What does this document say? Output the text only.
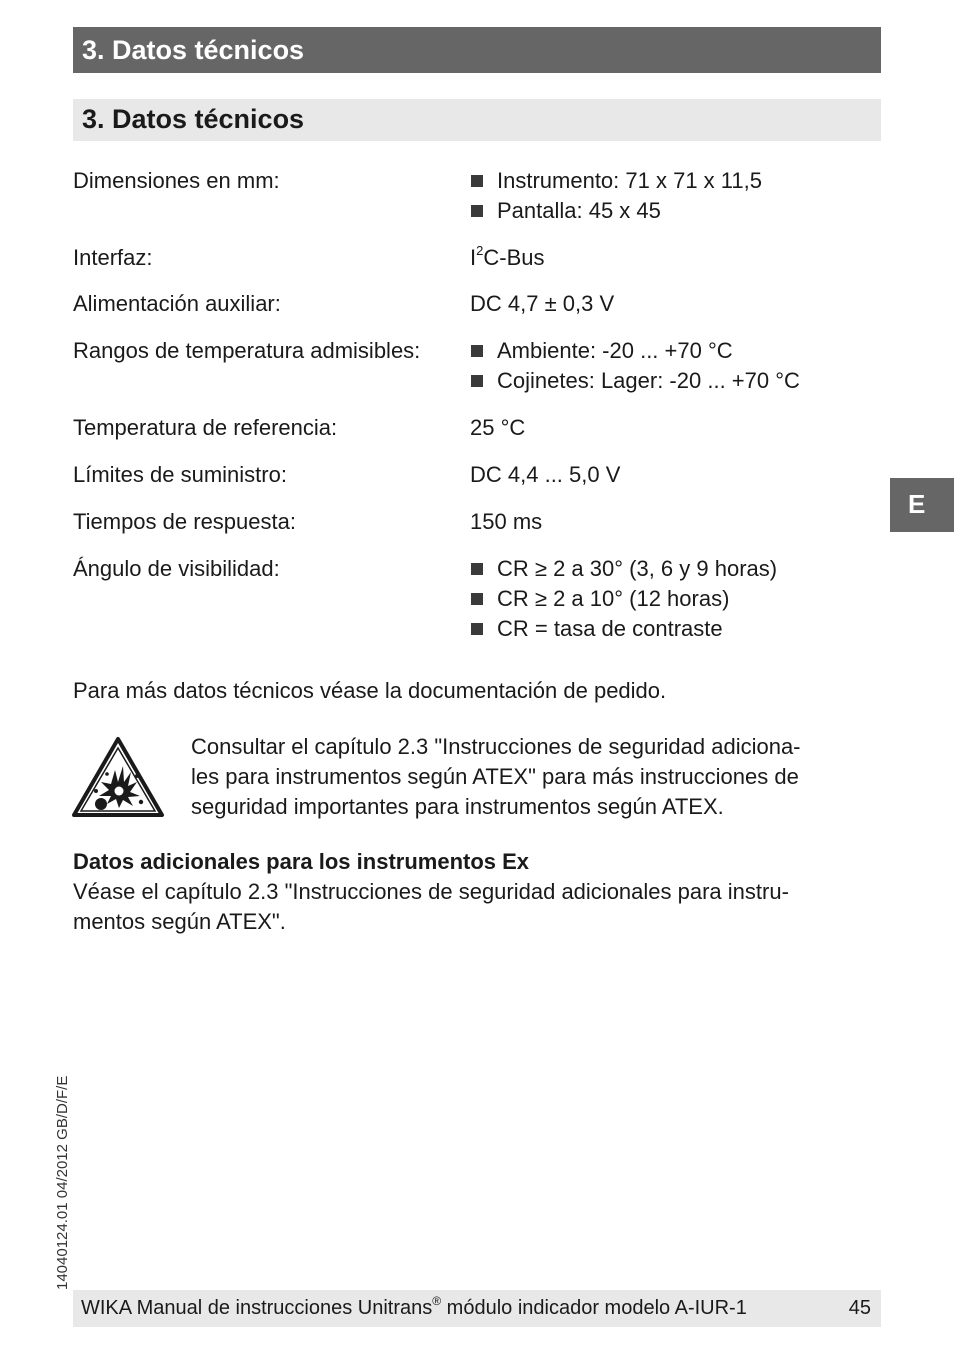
3. Datos técnicos
3. Datos técnicos
Dimensiones en mm:	Instrumento: 71 x 71 x 11,5
Pantalla: 45 x 45
Interfaz:	$I^2C$-Bus
Alimentación auxiliar:	DC 4,7 ± 0,3 V
Rangos de temperatura admisibles:	Ambiente: -20 ... +70 °C
Cojinetes: Lager: -20 ... +70 °C
Temperatura de referencia:	25 °C
Límites de suministro:	DC 4,4 ... 5,0 V
Tiempos de respuesta:	150 ms
Ángulo de visibilidad:	CR ≥ 2 a 30° (3, 6 y 9 horas)
CR ≥ 2 a 10° (12 horas)
CR = tasa de contraste
Para más datos técnicos véase la documentación de pedido.
Consultar el capítulo 2.3 "Instrucciones de seguridad adiciona-
les para instrumentos según ATEX" para más instrucciones de
seguridad importantes para instrumentos según ATEX.
Datos adicionales para los instrumentos Ex
Véase el capítulo 2.3 "Instrucciones de seguridad adicionales para instru-
mentos según ATEX".
E
14040124.01 04/2012 GB/D/F/E
WIKA Manual de instrucciones Unitrans® módulo indicador modelo A-IUR-1	45
